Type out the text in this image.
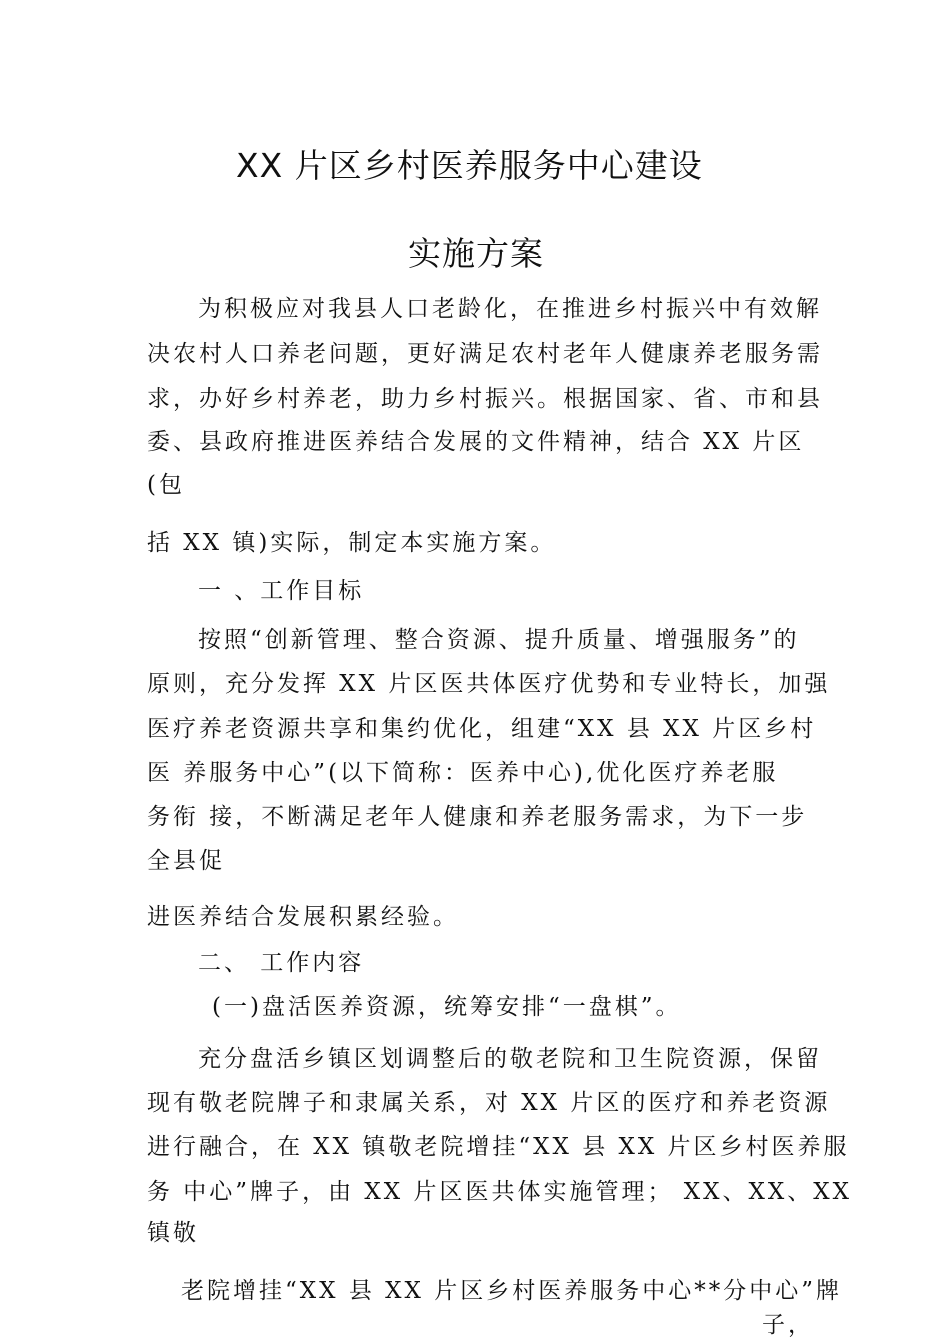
XX 片区乡村医养服务中心建设
实施方案
为积极应对我县人口老龄化，在推进乡村振兴中有效解
决农村人口养老问题，更好满足农村老年人健康养老服务需
求，办好乡村养老，助力乡村振兴。根据国家、省、市和县
委、县政府推进医养结合发展的文件精神，结合 XX 片区
(包
括 XX 镇)实际，制定本实施方案。
一 、工作目标
按照“创新管理、整合资源、提升质量、增强服务”的
原则，充分发挥 XX 片区医共体医疗优势和专业特长，加强
医疗养老资源共享和集约优化，组建“XX 县 XX 片区乡村
医 养服务中心”(以下简称：医养中心),优化医疗养老服
务衔 接，不断满足老年人健康和养老服务需求，为下一步
全县促
进医养结合发展积累经验。
二、 工作内容
(一)盘活医养资源，统筹安排“一盘棋”。
充分盘活乡镇区划调整后的敬老院和卫生院资源，保留
现有敬老院牌子和隶属关系，对 XX 片区的医疗和养老资源
进行融合，在 XX 镇敬老院增挂“XX 县 XX 片区乡村医养服
务 中心”牌子，由 XX 片区医共体实施管理； XX、XX、XX
镇敬
老院增挂“XX 县 XX 片区乡村医养服务中心**分中心”牌
子，
